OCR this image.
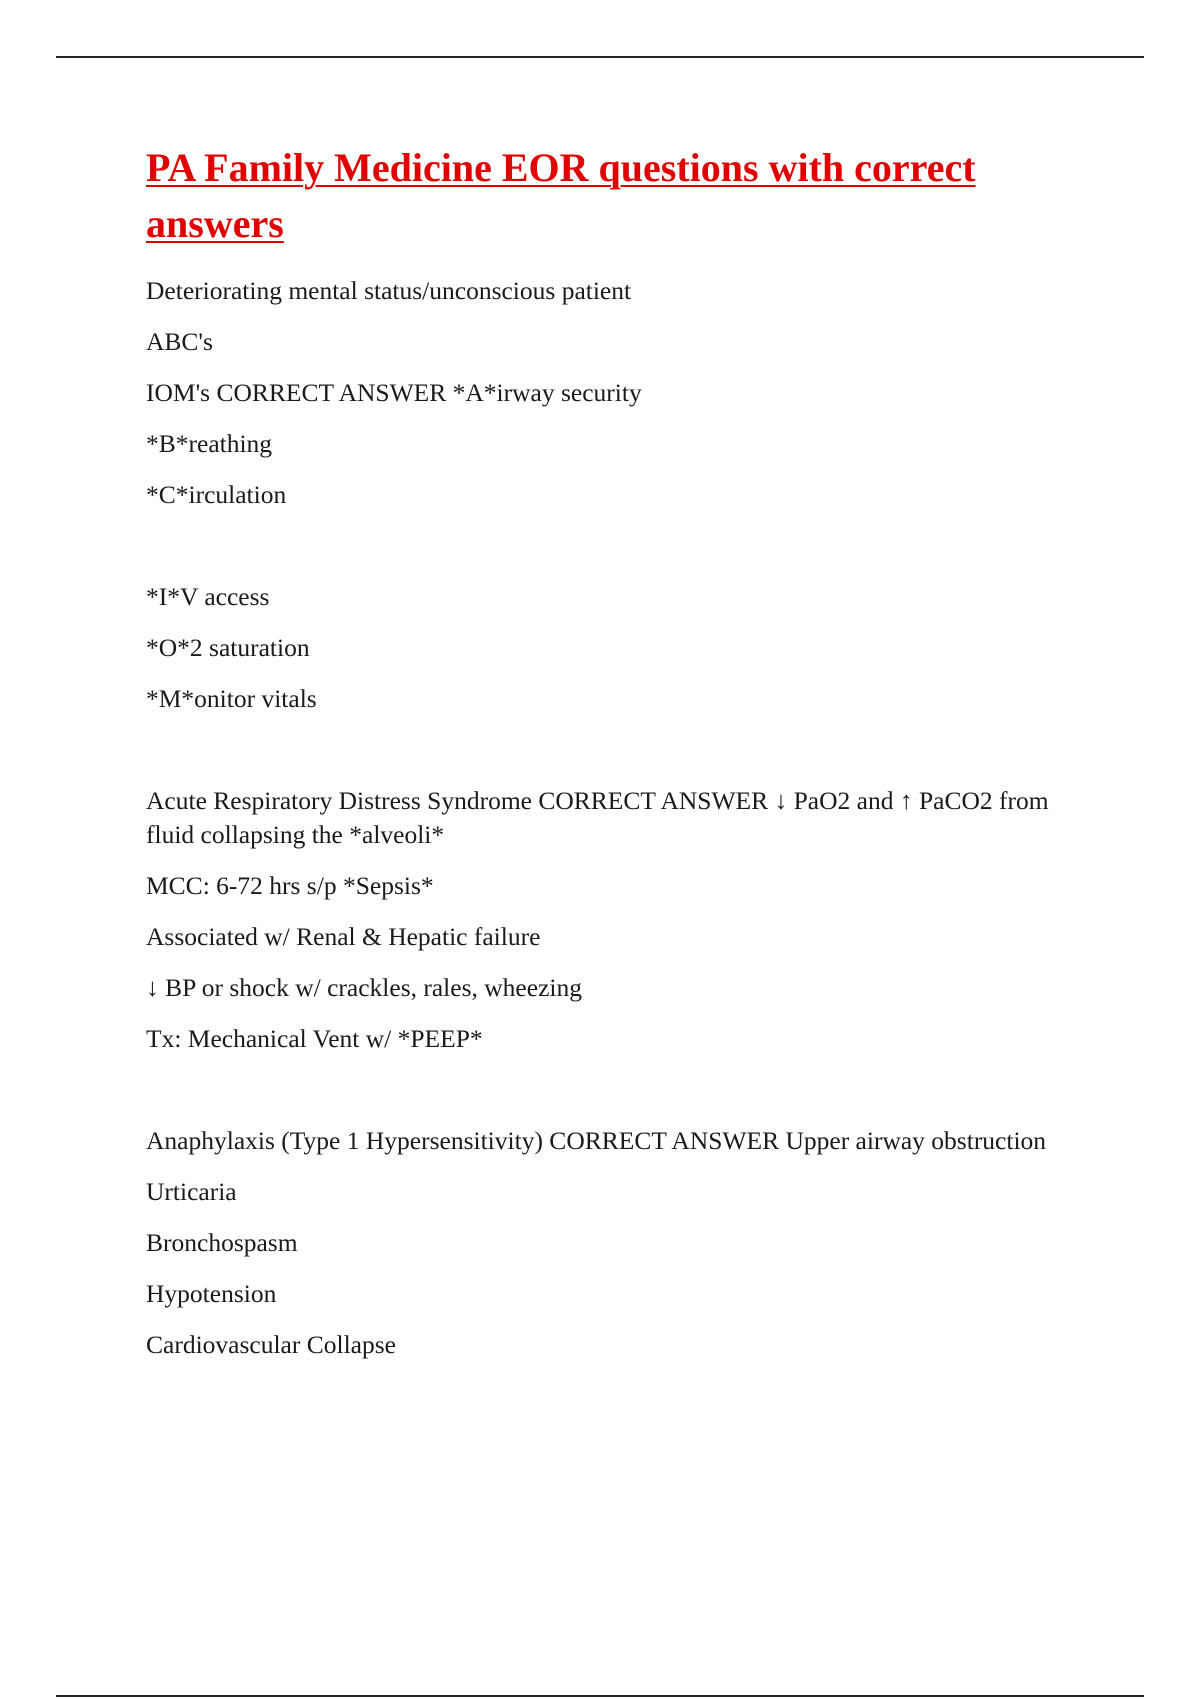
PA Family Medicine EOR questions with correct answers

Deteriorating mental status/unconscious patient

ABC's

IOM's CORRECT ANSWER *A*irway security

*B*reathing

*C*irculation

*I*V access

*O*2 saturation

*M*onitor vitals

Acute Respiratory Distress Syndrome CORRECT ANSWER ↓ PaO2 and ↑ PaCO2 from fluid collapsing the *alveoli*

MCC: 6-72 hrs s/p *Sepsis*

Associated w/ Renal & Hepatic failure

↓ BP or shock w/ crackles, rales, wheezing

Tx: Mechanical Vent w/ *PEEP*

Anaphylaxis (Type 1 Hypersensitivity) CORRECT ANSWER Upper airway obstruction

Urticaria

Bronchospasm

Hypotension

Cardiovascular Collapse
